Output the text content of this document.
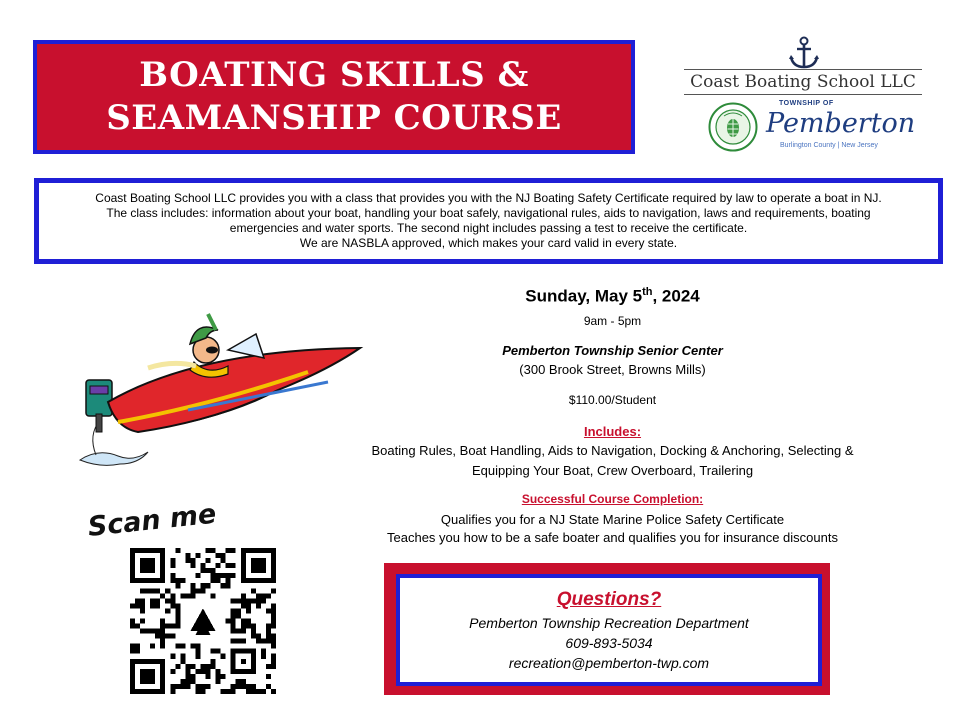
BOATING SKILLS &
SEAMANSHIP COURSE
Coast Boating School LLC
TOWNSHIP OF
Pemberton
Burlington County | New Jersey
Coast Boating School LLC provides you with a class that provides you with the NJ Boating Safety Certificate required by law to operate a boat in NJ.
The class includes: information about your boat, handling your boat safely, navigational rules, aids to navigation, laws and requirements, boating
emergencies and water sports. The second night includes passing a test to receive the certificate.
We are NASBLA approved, which makes your card valid in every state.
Sunday, May 5th, 2024
9am - 5pm
Pemberton Township Senior Center
(300 Brook Street, Browns Mills)
$110.00/Student
Includes:
Boating Rules, Boat Handling, Aids to Navigation, Docking & Anchoring, Selecting &
Equipping Your Boat, Crew Overboard, Trailering
Successful Course Completion:
Qualifies you for a NJ State Marine Police Safety Certificate
Teaches you how to be a safe boater and qualifies you for insurance discounts
Questions?
Pemberton Township Recreation Department
609-893-5034
recreation@pemberton-twp.com
Scan me
